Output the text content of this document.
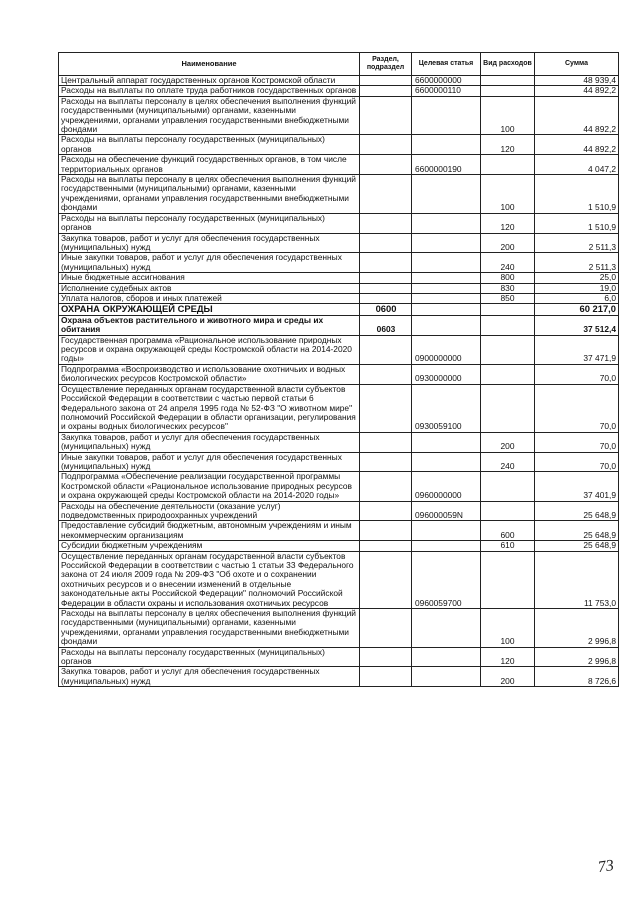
Наименование	Раздел, подраздел	Целевая статья	Вид расходов	Сумма
Центральный аппарат государственных органов Костромской области		6600000000		48 939,4
Расходы на выплаты по оплате труда работников государственных органов		6600000110		44 892,2
Расходы на выплаты персоналу в целях обеспечения выполнения функций государственными (муниципальными) органами, казенными учреждениями, органами управления государственными внебюджетными фондами			100	44 892,2
Расходы на выплаты персоналу государственных (муниципальных) органов			120	44 892,2
Расходы на обеспечение функций государственных органов, в том числе территориальных органов		6600000190		4 047,2
Расходы на выплаты персоналу в целях обеспечения выполнения функций государственными (муниципальными) органами, казенными учреждениями, органами управления государственными внебюджетными фондами			100	1 510,9
Расходы на выплаты персоналу государственных (муниципальных) органов			120	1 510,9
Закупка товаров, работ и услуг для обеспечения государственных (муниципальных) нужд			200	2 511,3
Иные закупки товаров, работ и услуг для обеспечения государственных (муниципальных) нужд			240	2 511,3
Иные бюджетные ассигнования			800	25,0
Исполнение судебных актов			830	19,0
Уплата налогов, сборов и иных платежей			850	6,0
ОХРАНА ОКРУЖАЮЩЕЙ СРЕДЫ	0600			60 217,0
Охрана объектов растительного и животного мира и среды их обитания	0603			37 512,4
Государственная программа «Рациональное использование природных ресурсов и охрана окружающей среды Костромской области на 2014-2020 годы»		0900000000		37 471,9
Подпрограмма «Воспроизводство и использование охотничьих и водных биологических ресурсов Костромской области»		0930000000		70,0
Осуществление переданных органам государственной власти субъектов Российской Федерации в соответствии с частью первой статьи 6 Федерального закона от 24 апреля 1995 года № 52-ФЗ "О животном мире" полномочий Российской Федерации в области организации, регулирования и охраны водных биологических ресурсов"		0930059100		70,0
Закупка товаров, работ и услуг для обеспечения государственных (муниципальных) нужд			200	70,0
Иные закупки товаров, работ и услуг для обеспечения государственных (муниципальных) нужд			240	70,0
Подпрограмма «Обеспечение реализации государственной программы Костромской области «Рациональное использование природных ресурсов и охрана окружающей среды Костромской области на 2014-2020 годы»		0960000000		37 401,9
Расходы на обеспечение деятельности (оказание услуг) подведомственных природоохранных учреждений		096000059N		25 648,9
Предоставление субсидий бюджетным, автономным учреждениям и иным некоммерческим организациям			600	25 648,9
Субсидии бюджетным учреждениям			610	25 648,9
Осуществление переданных органам государственной власти субъектов Российской Федерации в соответствии с частью 1 статьи 33 Федерального закона от 24 июля 2009 года № 209-ФЗ "Об охоте и о сохранении охотничьих ресурсов и о внесении изменений в отдельные законодательные акты Российской Федерации" полномочий Российской Федерации в области охраны и использования охотничьих ресурсов		0960059700		11 753,0
Расходы на выплаты персоналу в целях обеспечения выполнения функций государственными (муниципальными) органами, казенными учреждениями, органами управления государственными внебюджетными фондами			100	2 996,8
Расходы на выплаты персоналу государственных (муниципальных) органов			120	2 996,8
Закупка товаров, работ и услуг для обеспечения государственных (муниципальных) нужд			200	8 726,6
73
